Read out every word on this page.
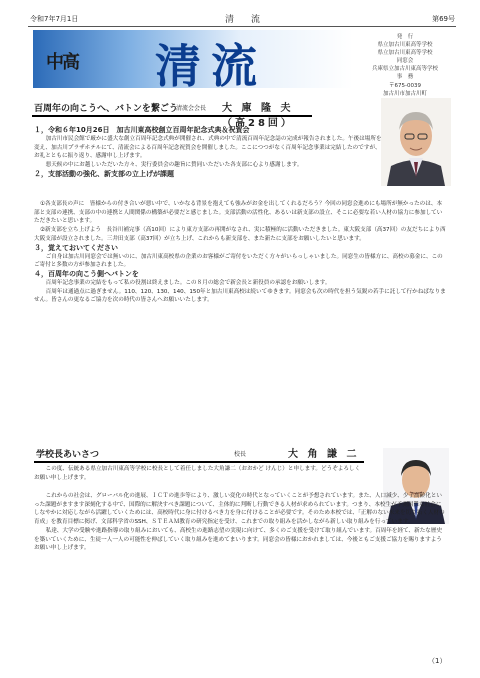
令和7年7月1日	清　流	第69号
中高 清流
発　行
県立加古川東高等学校
県立加古川東高等学校
同窓会
兵庫県立加古川東高等学校
事　務
〒675-0039
加古川市加古川町
百周年の向こうへ、バトンを繋ごう
清流会会長 大 庫 隆 夫（高28回）
１，令和６年10月26日　加古川東高校創立百周年記念式典＆祝賀会
　加古川市民会館で厳かに盛大な創立百周年記念式典が開催され、式典の中で清流百周年記念誌の完成が報告されました。午後は場所を変え、加古川プラザホテルにて、清流会による百周年記念祝賀会を開催しました。ここにつつがなく百周年記念事業は完結したのですが、お礼とともに振り返り、感謝申し上げます。
　悪天候の中にお越しいただいた方々、実行委員会の趣旨に賛同いただいた各支部に心より感謝します。
２，支部活動の強化、新支部の立上げが課題
①各支部長の声に　皆様からの付き合いが悪い中で、いかなる背景を抱えても強みがお金を出してくれるだろう？今回の同窓会進めにも場所が無かったのは、本部と支部の連携、支部の中の連携と人間関係の構築が必要だと感じました。支部活動の活性化、あるいは新支部の設立、そこに必要な若い人材の協力に参加していただきたいと思います。
②新支部を立ち上げよう　長谷川補完事（高10回）により東方支部の再開がなされ、実に積極的に活動いただきました。東大阪支部（高37回）の友だちにより西大阪支部が設立されました。三井田支部（高37回）が立ち上げ、これからも新支部を、また新たに支部をお願いしたいと思います。
３，覚えておいてください
　ご自身は加古川同窓会では無いのに、加古川東高校県の企業のお客様がご寄付をいただく方々がいらっしゃいました。同窓生の皆様方に、高校の募金に、このご寄付と多数の方が参加されました。
４，百周年の向こう側へバトンを
　百周年記念事業の完結をもって私の役割は終えました。この８月の総会で新会長と新役員の承認をお願いします。
　百周年は通過点に過ぎません。110、120、130、140、150年と加古川東高校は続いてゆきます。同窓会も次の時代を担う気鋭の若手に託して行かねばなりません。皆さんの更なるご協力を次の時代の皆さんへお願いいたします。
学校長あいさつ	校長	大 角 謙 二
　この度、伝統ある県立加古川東高等学校に校長として着任しました大角謙二（おおかど けんじ）と申します。どうぞよろしくお願い申し上げます。
　これからの社会は、グローバル化の進展、ＩＣＴの進歩等により、激しい変化の時代となっていくことが予想されています。また、人口減少、少子高齢化といった課題がますます深刻化する中で、国際的に解決すべき課題について、主体的に判断し行動できる人材が求められています。つまり、本校生が予測困難な社会にしなやかに対応しながら活躍していくためには、高校時代に身に付けるべき力を身に付けることが必要です。そのため本校では、「正解のない未来を切り拓く人材の育成」を教育目標に掲げ、文部科学省のSSH、ＳＴＥＡＭ教育の研究指定を受け、これまでの取り組みを活かしながら新しい取り組みを行っています。
　私達、大学の受験や進路指導の取り組みにおいても、高校生の進路志望の実現に向けて、多くのご支援を受けて取り組んでいます。百周年を経て、新たな歴史を築いていくために、生徒一人一人の可能性を伸ばしていく取り組みを進めてまいります。同窓会の皆様におかれましては、今後ともご支援ご協力を賜りますようお願い申し上げます。
（1）
